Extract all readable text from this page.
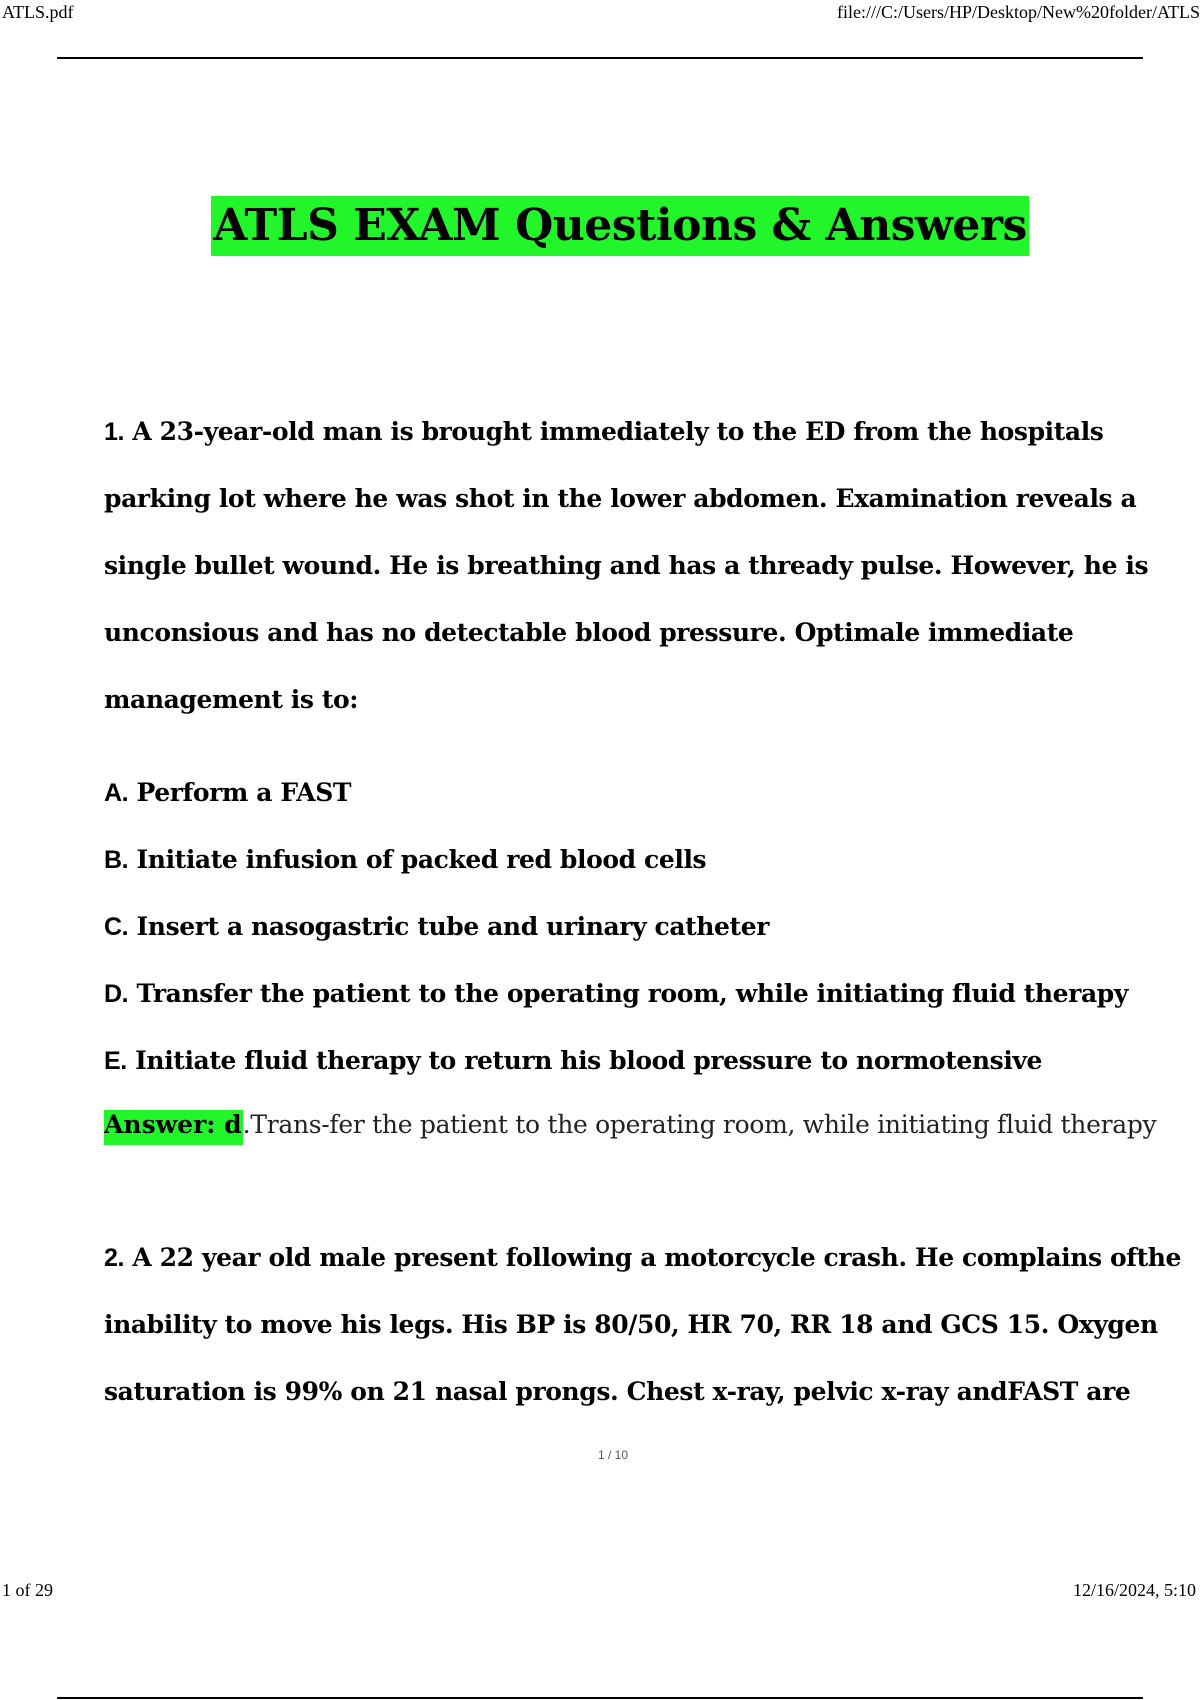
ATLS.pdf	file:///C:/Users/HP/Desktop/New%20folder/ATLS
ATLS EXAM Questions & Answers
1. A 23-year-old man is brought immediately to the ED from the hospitals
parking lot where he was shot in the lower abdomen. Examination reveals a
single bullet wound. He is breathing and has a thready pulse. However, he is
unconsious and has no detectable blood pressure. Optimale immediate
management is to:
A. Perform a FAST
B. Initiate infusion of packed red blood cells
C. Insert a nasogastric tube and urinary catheter
D. Transfer the patient to the operating room, while initiating fluid therapy
E. Initiate fluid therapy to return his blood pressure to normotensive
Answer: d.Trans-fer the patient to the operating room, while initiating fluid therapy
2. A 22 year old male present following a motorcycle crash. He complains ofthe
inability to move his legs. His BP is 80/50, HR 70, RR 18 and GCS 15. Oxygen
saturation is 99% on 21 nasal prongs. Chest x-ray, pelvic x-ray andFAST are
1 / 10
1 of 29	12/16/2024, 5:10
